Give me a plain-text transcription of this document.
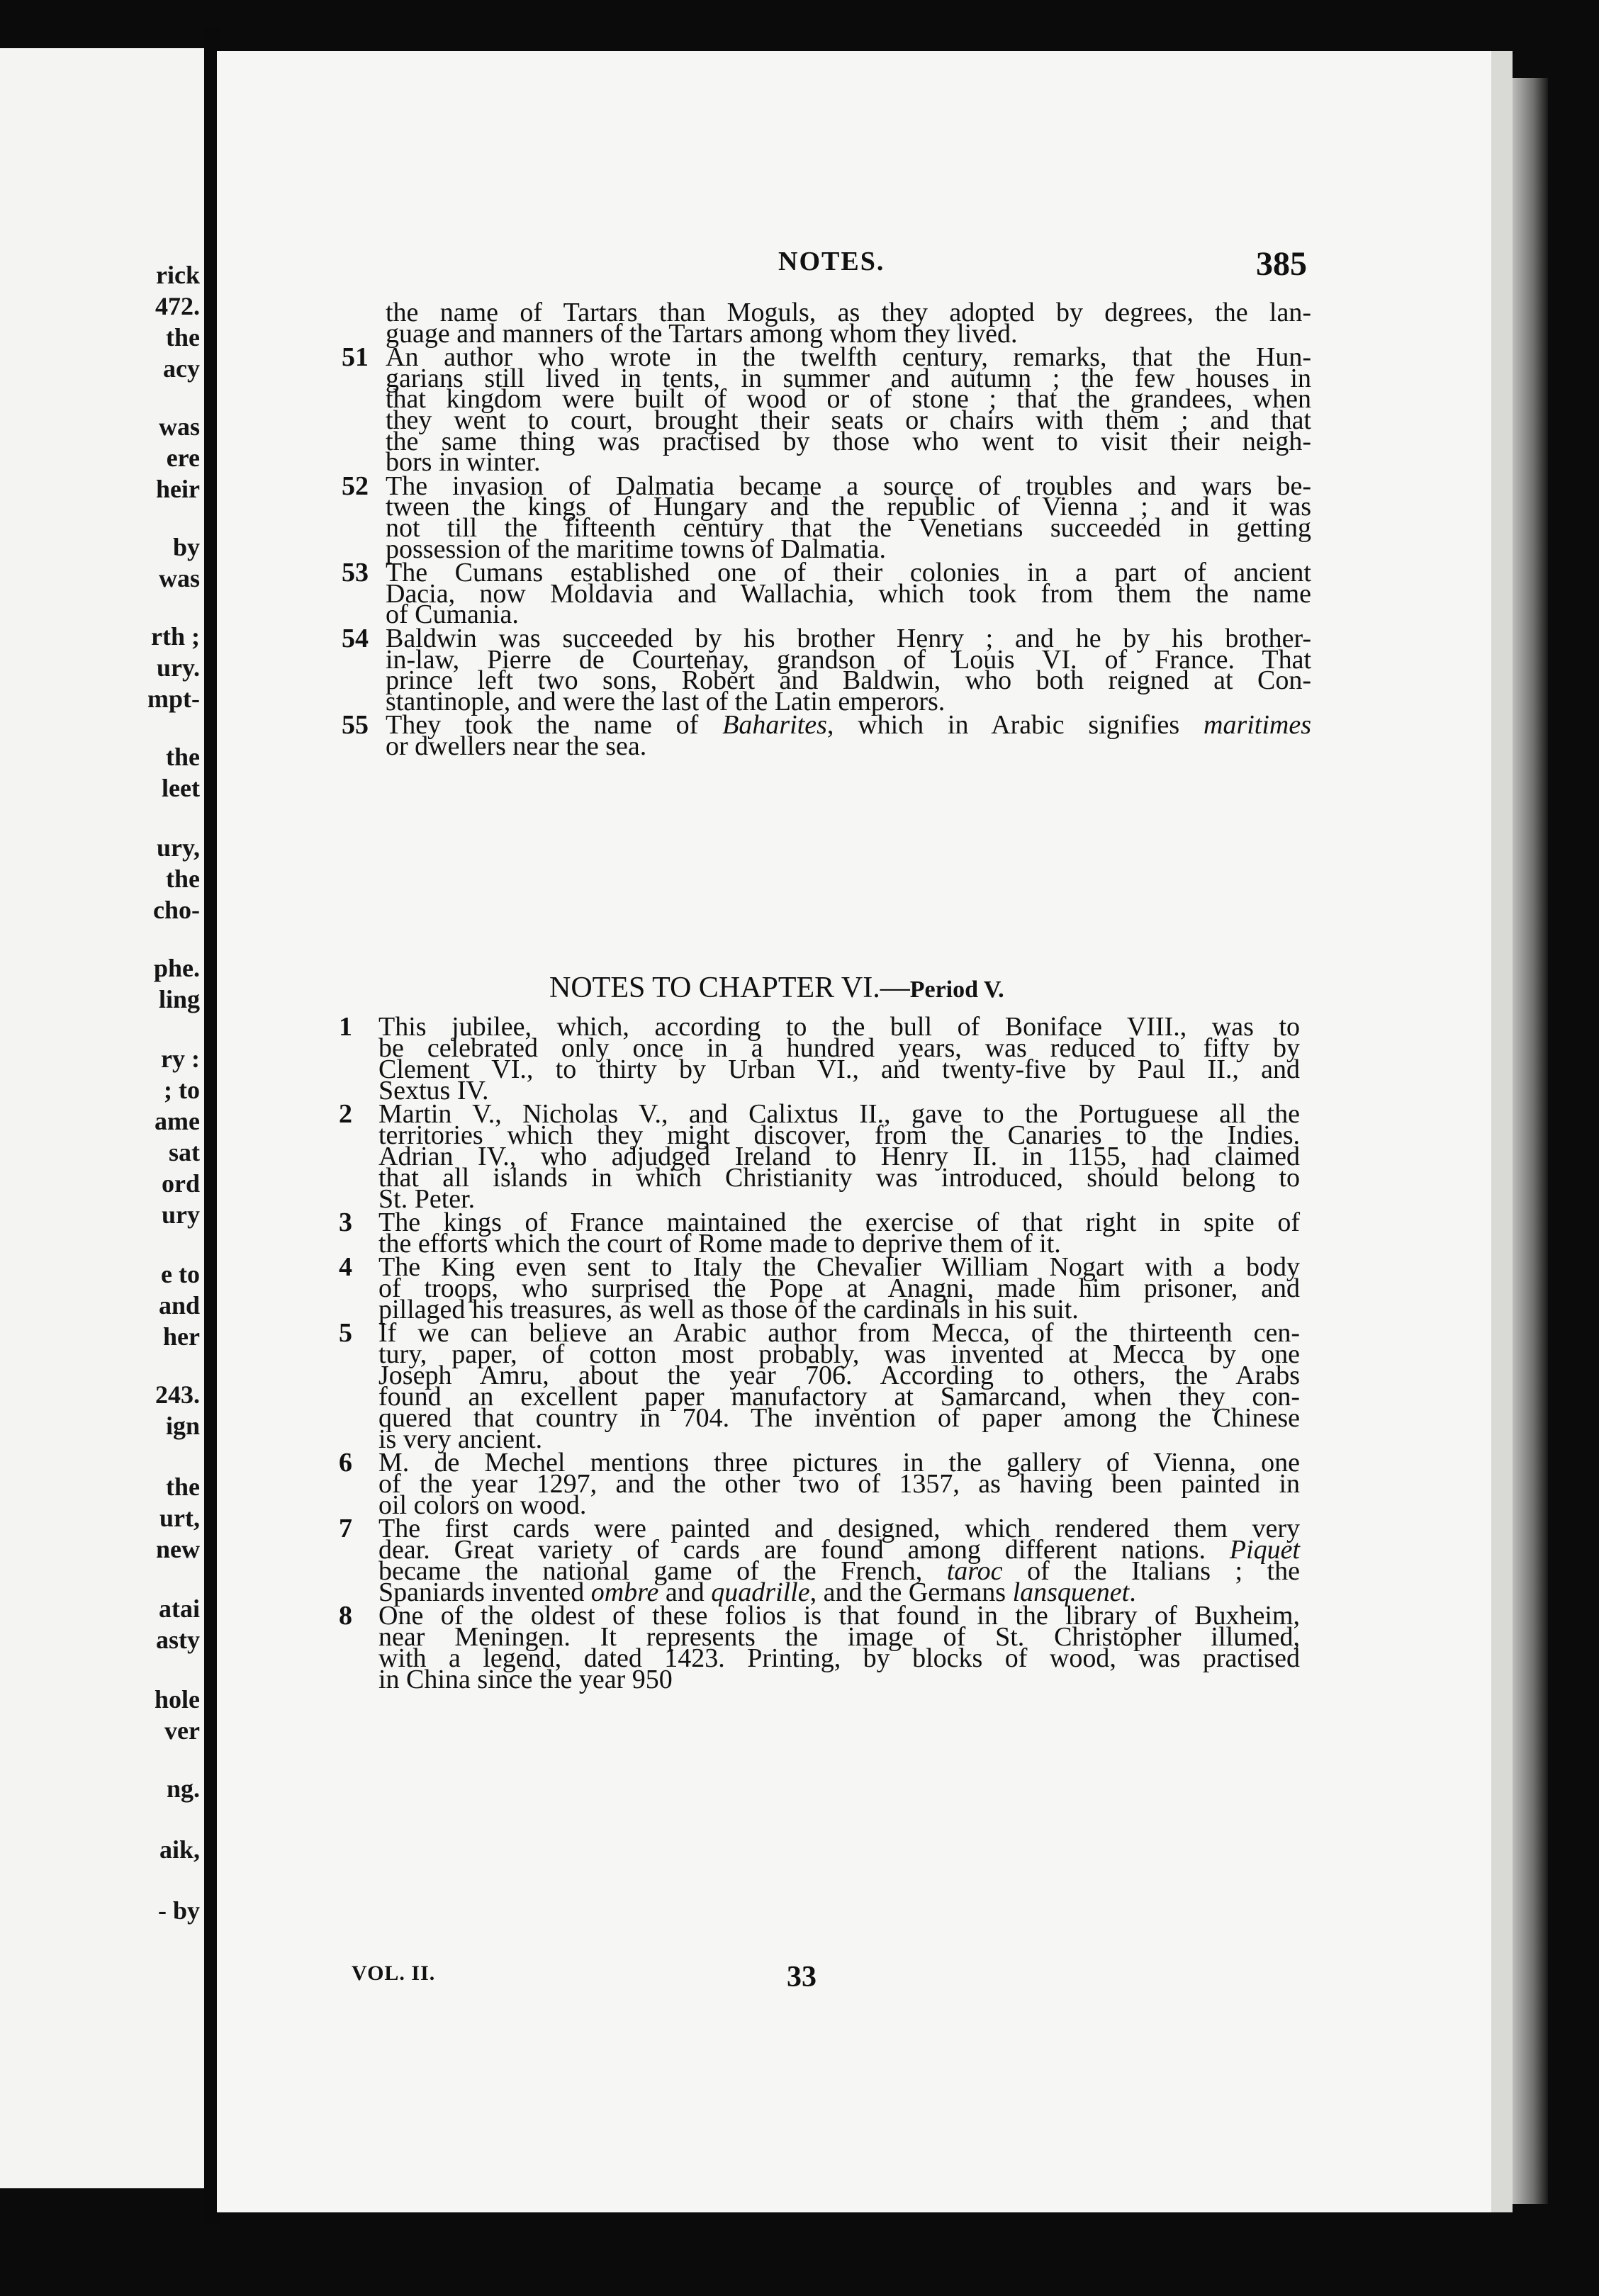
rick
472.
the
acy
was
ere
heir
by
was
rth ;
ury.
mpt-
the
leet
ury,
the
cho-
phe.
ling
ry :
; to
ame
sat
ord
ury
e to
and
her
243.
ign
the
urt,
new
atai
asty
hole
ver
ng.
aik,
- by
NOTES.	385
the name of Tartars than Moguls, as they adopted by degrees, the lan-
guage and manners of the Tartars among whom they lived.
51 An author who wrote in the twelfth century, remarks, that the Hun-
garians still lived in tents, in summer and autumn ; the few houses in
that kingdom were built of wood or of stone ; that the grandees, when
they went to court, brought their seats or chairs with them ; and that
the same thing was practised by those who went to visit their neigh-
bors in winter.
52 The invasion of Dalmatia became a source of troubles and wars be-
tween the kings of Hungary and the republic of Vienna ; and it was
not till the fifteenth century that the Venetians succeeded in getting
possession of the maritime towns of Dalmatia.
53 The Cumans established one of their colonies in a part of ancient
Dacia, now Moldavia and Wallachia, which took from them the name
of Cumania.
54 Baldwin was succeeded by his brother Henry ; and he by his brother-
in-law, Pierre de Courtenay, grandson of Louis VI. of France. That
prince left two sons, Robert and Baldwin, who both reigned at Con-
stantinople, and were the last of the Latin emperors.
55 They took the name of Baharites, which in Arabic signifies maritimes
or dwellers near the sea.
NOTES TO CHAPTER VI.—Period V.
1 This jubilee, which, according to the bull of Boniface VIII., was to
be celebrated only once in a hundred years, was reduced to fifty by
Clement VI., to thirty by Urban VI., and twenty-five by Paul II., and
Sextus IV.
2 Martin V., Nicholas V., and Calixtus II., gave to the Portuguese all the
territories which they might discover, from the Canaries to the Indies.
Adrian IV., who adjudged Ireland to Henry II. in 1155, had claimed
that all islands in which Christianity was introduced, should belong to
St. Peter.
3 The kings of France maintained the exercise of that right in spite of
the efforts which the court of Rome made to deprive them of it.
4 The King even sent to Italy the Chevalier William Nogart with a body
of troops, who surprised the Pope at Anagni, made him prisoner, and
pillaged his treasures, as well as those of the cardinals in his suit.
5 If we can believe an Arabic author from Mecca, of the thirteenth cen-
tury, paper, of cotton most probably, was invented at Mecca by one
Joseph Amru, about the year 706. According to others, the Arabs
found an excellent paper manufactory at Samarcand, when they con-
quered that country in 704. The invention of paper among the Chinese
is very ancient.
6 M. de Mechel mentions three pictures in the gallery of Vienna, one
of the year 1297, and the other two of 1357, as having been painted in
oil colors on wood.
7 The first cards were painted and designed, which rendered them very
dear. Great variety of cards are found among different nations. Piquet
became the national game of the French, taroc of the Italians ; the
Spaniards invented ombre and quadrille, and the Germans lansquenet.
8 One of the oldest of these folios is that found in the library of Buxheim,
near Meningen. It represents the image of St. Christopher illumed,
with a legend, dated 1423. Printing, by blocks of wood, was practised
in China since the year 950
VOL. II.	33
